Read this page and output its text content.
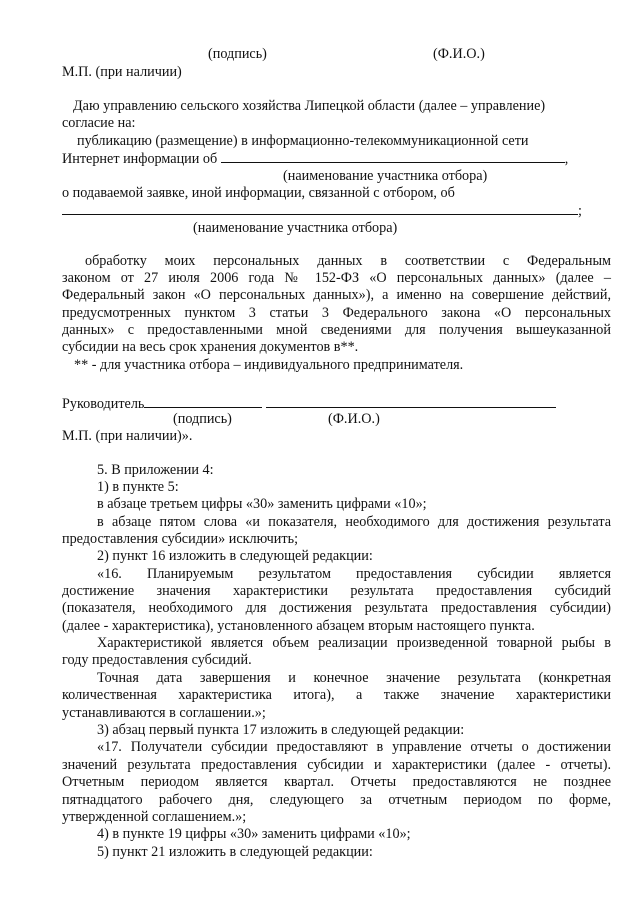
(подпись)	(Ф.И.О.)
М.П. (при наличии)
Даю управлению сельского хозяйства Липецкой области (далее – управление)
согласие на:
публикацию (размещение) в информационно-телекоммуникационной сети
Интернет информации об	,
(наименование участника отбора)
о подаваемой заявке, иной информации, связанной с отбором, об
;
(наименование участника отбора)
обработку моих персональных данных в соответствии с Федеральным
законом от 27 июля 2006 года № 152-ФЗ «О персональных данных» (далее –
Федеральный закон «О персональных данных»), а именно на совершение действий,
предусмотренных пунктом 3 статьи 3 Федерального закона «О персональных
данных» с предоставленными мной сведениями для получения вышеуказанной
субсидии на весь срок хранения документов в**.
** - для участника отбора – индивидуального предпринимателя.
Руководитель
(подпись)	(Ф.И.О.)
М.П. (при наличии)».
5. В приложении 4:
1) в пункте 5:
в абзаце третьем цифры «30» заменить цифрами «10»;
в абзаце пятом слова «и показателя, необходимого для достижения результата
предоставления субсидии» исключить;
2) пункт 16 изложить в следующей редакции:
«16. Планируемым результатом предоставления субсидии является
достижение значения характеристики результата предоставления субсидий
(показателя, необходимого для достижения результата предоставления субсидии)
(далее - характеристика), установленного абзацем вторым настоящего пункта.
Характеристикой является объем реализации произведенной товарной рыбы в
году предоставления субсидий.
Точная дата завершения и конечное значение результата (конкретная
количественная характеристика итога), а также значение характеристики
устанавливаются в соглашении.»;
3) абзац первый пункта 17 изложить в следующей редакции:
«17. Получатели субсидии предоставляют в управление отчеты о достижении
значений результата предоставления субсидии и характеристики (далее - отчеты).
Отчетным периодом является квартал. Отчеты предоставляются не позднее
пятнадцатого рабочего дня, следующего за отчетным периодом по форме,
утвержденной соглашением.»;
4) в пункте 19 цифры «30» заменить цифрами «10»;
5) пункт 21 изложить в следующей редакции:
